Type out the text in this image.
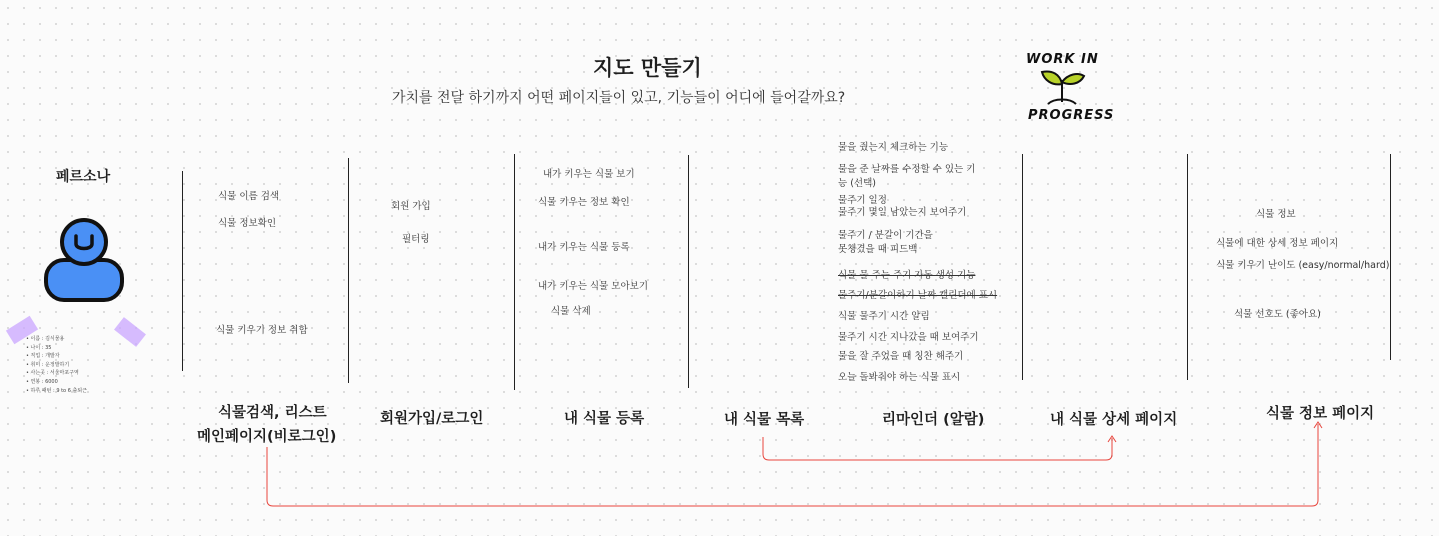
지도 만들기
가치를 전달 하기까지 어떤 페이지들이 있고, 기능들이 어디에 들어갈까요?
WORK IN
PROGRESS
페르소나
• 이름 : 김식물용
• 나이 : 35
• 직업 : 개발자
• 취미 : 운정발하기
• 사는곳 : 서울마포구역
• 연봉 : 6000
• 하루 패턴 : 9 to 6 출퇴근
식물 이름 검색
식물 정보확인
식물 키우기 정보 취합
식물검색, 리스트
메인페이지(비로그인)
회원 가입
필터링
회원가입/로그인
내가 키우는 식물 보기
식물 키우는 정보 확인
내가 키우는 식물 등록
내가 키우는 식물 모아보기
식물 삭제
내 식물 등록	내 식물 목록
물을 줬는지 체크하는 기능
물을 준 날짜를 수정할 수 있는 기
능 (선택)
물주기 일정
물주기 몇일 남았는지 보여주기
물주기 / 분갈이 기간을
못챙겼을 때 피드백
식물 물 주는 주기 자동 생성 기능
물주기/분갈이하기 날짜 캘린더에 표시
식물 물주기 시간 알림
물주기 시간 지나갔을 때 보여주기
물을 잘 주었을 때 칭찬 해주기
오늘 돌봐줘야 하는 식물 표시
리마인더 (알람)	내 식물 상세 페이지
식물 정보
식물에 대한 상세 정보 페이지
식물 키우기 난이도 (easy/normal/hard)
식물 선호도 (좋아요)
식물 정보 페이지
